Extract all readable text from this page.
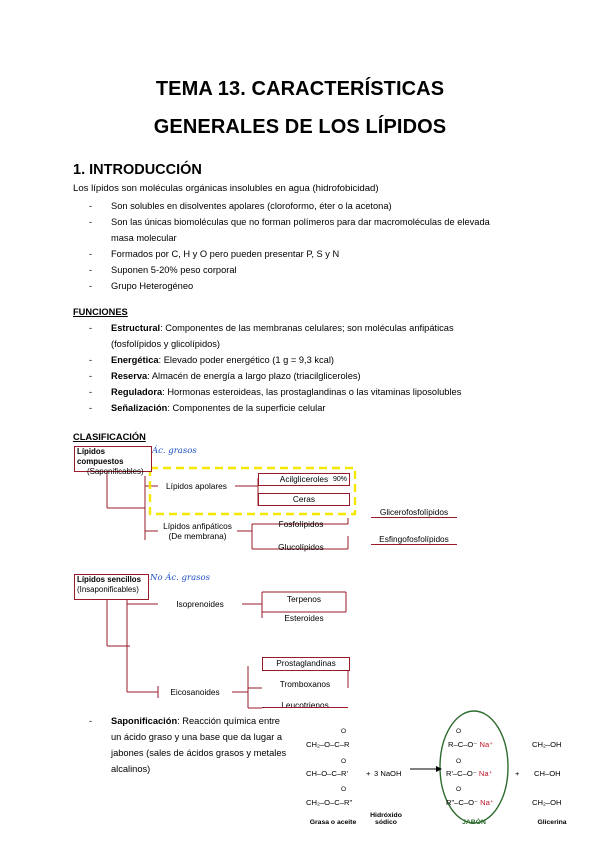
TEMA 13. CARACTERÍSTICAS
GENERALES DE LOS LÍPIDOS
1. INTRODUCCIÓN
Los lípidos son moléculas orgánicas insolubles en agua (hidrofobicidad)
- Son solubles en disolventes apolares (cloroformo, éter o la acetona)
- Son las únicas biomoléculas que no forman polímeros para dar macromoléculas de elevada
masa molecular
- Formados por C, H y O pero pueden presentar P, S y N
- Suponen 5-20% peso corporal
- Grupo Heterogéneo
FUNCIONES
- Estructural: Componentes de las membranas celulares; son moléculas anfipáticas
(fosfolípidos y glicolípidos)
- Energética: Elevado poder energético (1 g = 9,3 kcal)
- Reserva: Almacén de energía a largo plazo (triacilgliceroles)
- Reguladora: Hormonas esteroideas, las prostaglandinas o las vitaminas liposolubles
- Señalización: Componentes de la superficie celular
CLASIFICACIÓN
Lípidos compuestos
(Saponificables)
Ác. grasos
Lípidos apolares
Acilgliceroles 90%
Ceras
Lípidos anfipáticos
(De membrana)
Fosfolípidos
Glucolípidos
Glicerofosfolípidos
Esfingofosfolípidos
Lípidos sencillos
(Insaponificables)
No Ác. grasos
Isoprenoides	Terpenos
Esteroides
Eicosanoides
Prostaglandinas
Tromboxanos
Leucotrienos
- Saponificación: Reacción química entre
un ácido graso y una base que da lugar a
jabones (sales de ácidos grasos y metales
alcalinos)
O
CH₂–O–C–R
O
CH–O–C–R'
O
CH₂–O–C–R"
+ 3 NaOH
O
R–C–O⁻ Na⁺
O
R'–C–O⁻ Na⁺
O
R"–C–O⁻ Na⁺
+
CH₂–OH
CH–OH
CH₂–OH
Grasa o aceite
Hidróxido
sódico	JABÓN	Glicerina
